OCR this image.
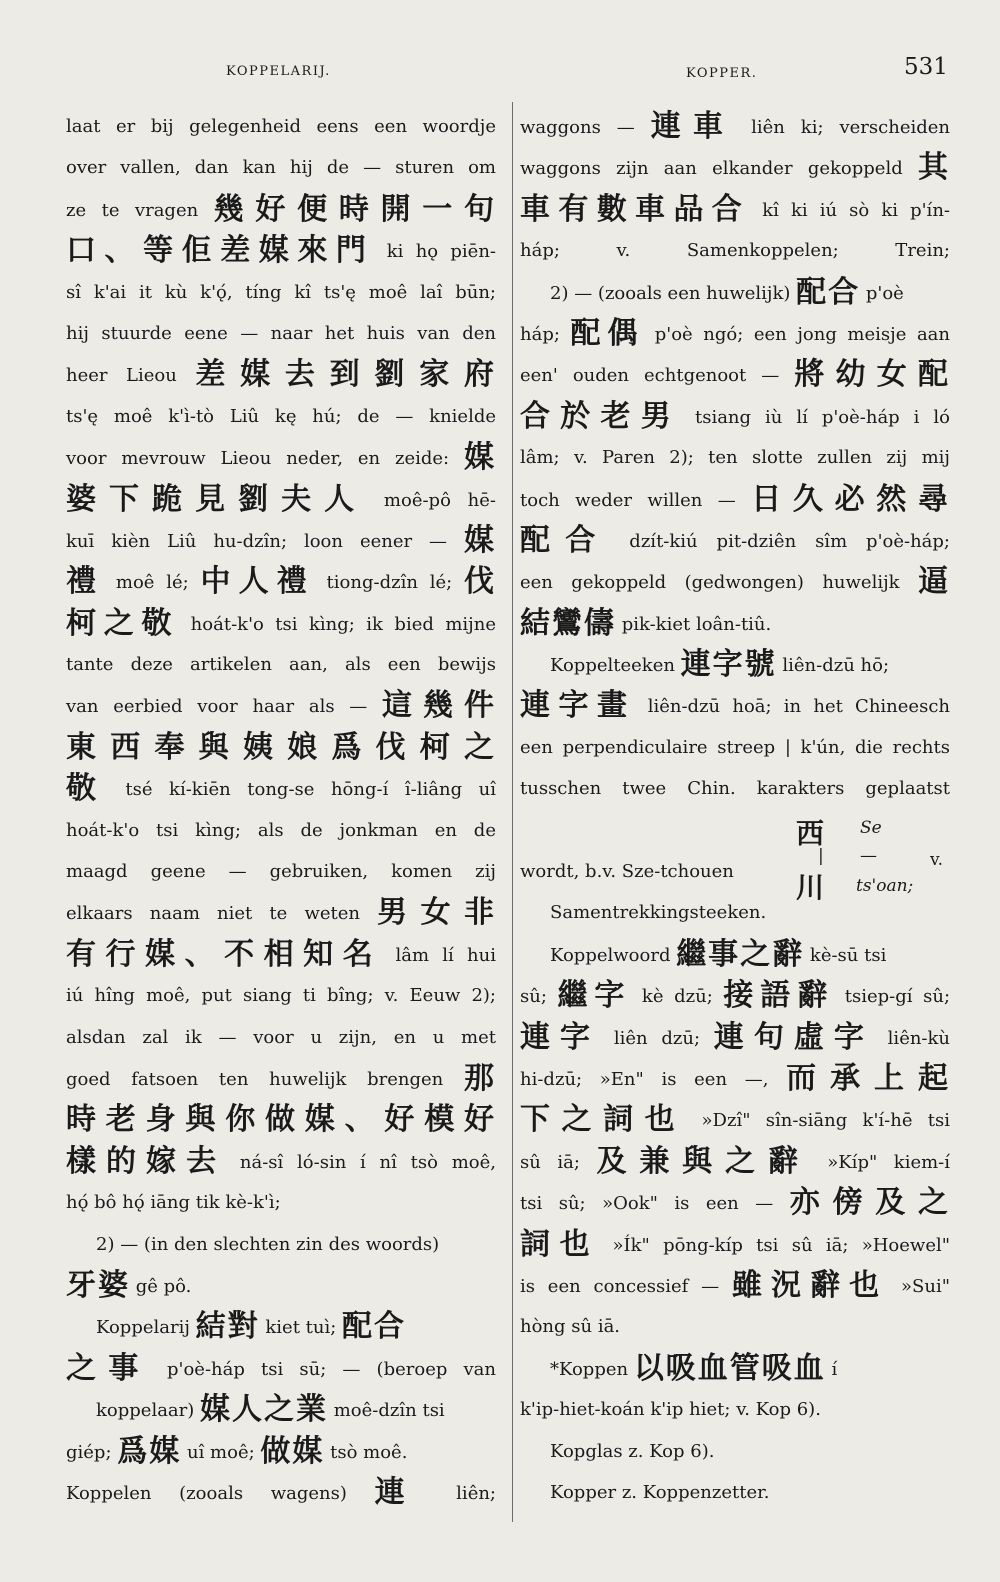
KOPPELARIJ.	KOPPER.	531
laat er bij gelegenheid eens een woordje
over vallen, dan kan hij de — sturen om
ze te vragen 幾好便時開一句
口、等佢差媒來門 ki hǫ piēn-
sî k'ai it kù k'ǫ́, tíng kî ts'ę moê laî būn;
hij stuurde eene — naar het huis van den
heer Lieou 差媒去到劉家府
ts'ę moê k'ì-tò Liû kę hú; de — knielde
voor mevrouw Lieou neder, en zeide: 媒
婆下跪見劉夫人 moê-pô hē-
kuī kièn Liû hu-dzîn; loon eener — 媒
禮 moê lé; 中人禮 tiong-dzîn lé; 伐
柯之敬 hoát-k'o tsi kìng; ik bied mijne
tante deze artikelen aan, als een bewijs
van eerbied voor haar als — 這幾件
東西奉與姨娘爲伐柯之
敬 tsé kí-kiēn tong-se hōng-í î-liâng uî
hoát-k'o tsi kìng; als de jonkman en de
maagd geene — gebruiken, komen zij
elkaars naam niet te weten 男女非
有行媒、不相知名 lâm lí hui
iú hîng moê, put siang ti bîng; v. Eeuw 2);
alsdan zal ik — voor u zijn, en u met
goed fatsoen ten huwelijk brengen 那
時老身與你做媒、好模好
樣的嫁去 ná-sî ló-sin í nî tsò moê,
hǫ́ bô hǫ́ iāng tik kè-k'ì;
2) — (in den slechten zin des woords)
牙婆 gê pô.
Koppelarij 結對 kiet tuì; 配合
之事 p'oè-háp tsi sū; — (beroep van
koppelaar) 媒人之業 moê-dzîn tsi
giép; 爲媒 uî moê; 做媒 tsò moê.
Koppelen (zooals wagens) 連 liên;
waggons — 連車 liên ki; verscheiden
waggons zijn aan elkander gekoppeld 其
車有數車品合 kî ki iú sò ki p'ín-
háp; v. Samenkoppelen; Trein;
2) — (zooals een huwelijk) 配合 p'oè
háp; 配偶 p'oè ngó; een jong meisje aan
een' ouden echtgenoot — 將幼女配
合於老男 tsiang iù lí p'oè-háp i ló
lâm; v. Paren 2); ten slotte zullen zij mij
toch weder willen — 日久必然尋
配合 dzít-kiú pit-dziên sîm p'oè-háp;
een gekoppeld (gedwongen) huwelijk 逼
結鸞儔 pik-kiet loân-tiû.
Koppelteeken 連字號 liên-dzū hō;
連字畫 liên-dzū hoā; in het Chineesch
een perpendiculaire streep | k'ún, die rechts
tusschen twee Chin. karakters geplaatst
wordt, b.v. Sze-tchouen
Samentrekkingsteeken.
Koppelwoord 繼事之辭 kè-sū tsi
sû; 繼字 kè dzū; 接語辭 tsiep-gí sû;
連字 liên dzū; 連句虛字 liên-kù
hi-dzū; »En" is een —, 而承上起
下之詞也 »Dzî" sîn-siāng k'í-hē tsi
sû iā; 及兼與之辭 »Kíp" kiem-í
tsi sû; »Ook" is een — 亦傍及之
詞也 »Ík" pōng-kíp tsi sû iā; »Hoewel"
is een concessief — 雖況辭也 »Sui"
hòng sû iā.
*Koppen 以吸血管吸血 í
k'ip-hiet-koán k'ip hiet; v. Kop 6).
Kopglas z. Kop 6).
Kopper z. Koppenzetter.
西 Se
| —	v.
川 ts'oan;
